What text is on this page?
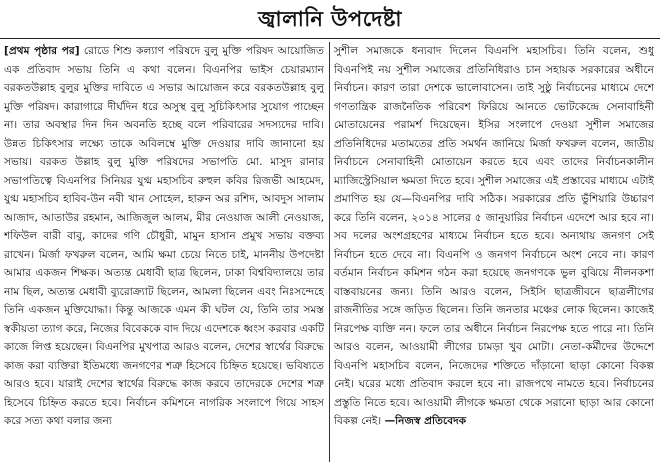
জ্বালানি উপদেষ্টা
[প্রথম পৃষ্ঠার পর] রোডে শিশু কল্যাণ পরিষদে বুলু মুক্তি পরিষদ আয়োজিত এক প্রতিবাদ সভায় তিনি এ কথা বলেন। বিএনপির ভাইস চেয়ারম্যান বরকতউল্লাহ বুলুর মুক্তির দাবিতে এ সভার আয়োজন করে বরকতউল্লাহ বুলু মুক্তি পরিষদ। কারাগারে দীর্ঘদিন ধরে অসুস্থ বুলু সুচিকিৎসার সুযোগ পাচ্ছেন না। তার অবস্থার দিন দিন অবনতি হচ্ছে বলে পরিবারের সদস্যদের দাবি। উন্নত চিকিৎসার লক্ষ্যে তাকে অবিলম্বে মুক্তি দেওয়ার দাবি জানানো হয় সভায়। বরকত উল্লাহ বুলু মুক্তি পরিষদের সভাপতি মো. মাসুদ রানার সভাপতিত্বে বিএনপির সিনিয়র যুগ্ম মহাসচিব রুহুল কবির রিজভী আহমেদ, যুগ্ম মহাসচিব হাবিব-উন নবী খান সোহেল, হারুন অর রশিদ, আবদুস সালাম আজাদ, আতাউর রহমান, আজিজুল আলম, মীর নেওয়াজ আলী নেওয়াজ, শফিউল বারী বাবু, কাদের গণি চৌধুরী, মামুন হাসান প্রমুখ সভায় বক্তব্য রাখেন। মির্জা ফখরুল বলেন, আমি ক্ষমা চেয়ে নিতে চাই, মাননীয় উপদেষ্টা আমার একজন শিক্ষক। অত্যন্ত মেধাবী ছাত্র ছিলেন, ঢাকা বিশ্ববিদ্যালয়ে তার নাম ছিল, অত্যন্ত মেধাবী ব্যুরোক্র্যাট ছিলেন, আমলা ছিলেন এবং নিঃসন্দেহে তিনি একজন মুক্তিযোদ্ধা। কিন্তু আজকে এমন কী ঘটল যে, তিনি তার সমস্ত স্বকীয়তা ত্যাগ করে, নিজের বিবেককে বাদ দিয়ে এদেশকে ধ্বংস করবার একটি কাজে লিপ্ত হয়েছেন। বিএনপির মুখপাত্র আরও বলেন, দেশের স্বার্থের বিরুদ্ধে কাজ করা ব্যক্তিরা ইতিমধ্যে জনগণের শত্রু হিসেবে চিহ্নিত হয়েছে। ভবিষ্যতে আরও হবে। যারাই দেশের স্বার্থের বিরুদ্ধে কাজ করবে তাদেরকে দেশের শত্রু হিসেবে চিহ্নিত করতে হবে। নির্বাচন কমিশনে নাগরিক সংলাপে গিয়ে সাহস করে সত্য কথা বলার জন্য
সুশীল সমাজকে ধন্যবাদ দিলেন বিএনপি মহাসচিব। তিনি বলেন, শুধু বিএনপিই নয় সুশীল সমাজের প্রতিনিধিরাও চান সহায়ক সরকারের অধীনে নির্বাচন। কারণ তারা দেশকে ভালোবাসেন। তাই সুষ্ঠু নির্বাচনের মাধ্যমে দেশে গণতান্ত্রিক রাজনৈতিক পরিবেশ ফিরিয়ে আনতে ভোটকেন্দ্রে সেনাবাহিনী মোতায়েনের পরামর্শ দিয়েছেন। ইসির সংলাপে দেওয়া সুশীল সমাজের প্রতিনিধিদের মতামতের প্রতি সমর্থন জানিয়ে মির্জা ফখরুল বলেন, জাতীয় নির্বাচনে সেনাবাহিনী মোতায়েন করতে হবে এবং তাদের নির্বাচনকালীন ম্যাজিস্ট্রেসিয়াল ক্ষমতা দিতে হবে। সুশীল সমাজের এই প্রস্তাবের মাধ্যমে এটাই প্রমাণিত হয় যে—বিএনপির দাবি সঠিক। সরকারের প্রতি ভুঁশিয়ারি উচ্চারণ করে তিনি বলেন, ২০১৪ সালের ৫ জানুয়ারির নির্বাচন এদেশে আর হবে না। সব দলের অংশগ্রহণের মাধ্যমে নির্বাচন হতে হবে। অন্যথায় জনগণ সেই নির্বাচন হতে দেবে না। বিএনপি ও জনগণ নির্বাচনে অংশ নেবে না। কারণ বর্তমান নির্বাচন কমিশন গঠন করা হয়েছে জনগণকে ভুল বুঝিয়ে নীলনকশা বাস্তবায়নের জন্য। তিনি আরও বলেন, সিইসি ছাত্রজীবনে ছাত্রলীগের রাজনীতির সঙ্গে জড়িত ছিলেন। তিনি জনতার মঞ্চের লোক ছিলেন। কাজেই নিরপেক্ষ ব্যক্তি নন। ফলে তার অধীনে নির্বাচন নিরপেক্ষ হতে পারে না। তিনি আরও বলেন, আওয়ামী লীগের চামড়া খুব মোটা। নেতা-কর্মীদের উদ্দেশে বিএনপি মহাসচিব বলেন, নিজেদের শক্তিতে দাঁড়ানো ছাড়া কোনো বিকল্প নেই। ঘরের মধ্যে প্রতিবাদ করলে হবে না। রাজপথে নামতে হবে। নির্বাচনের প্রস্তুতি নিতে হবে। আওয়ামী লীগকে ক্ষমতা থেকে সরানো ছাড়া আর কোনো বিকল্প নেই। —নিজস্ব প্রতিবেদক
